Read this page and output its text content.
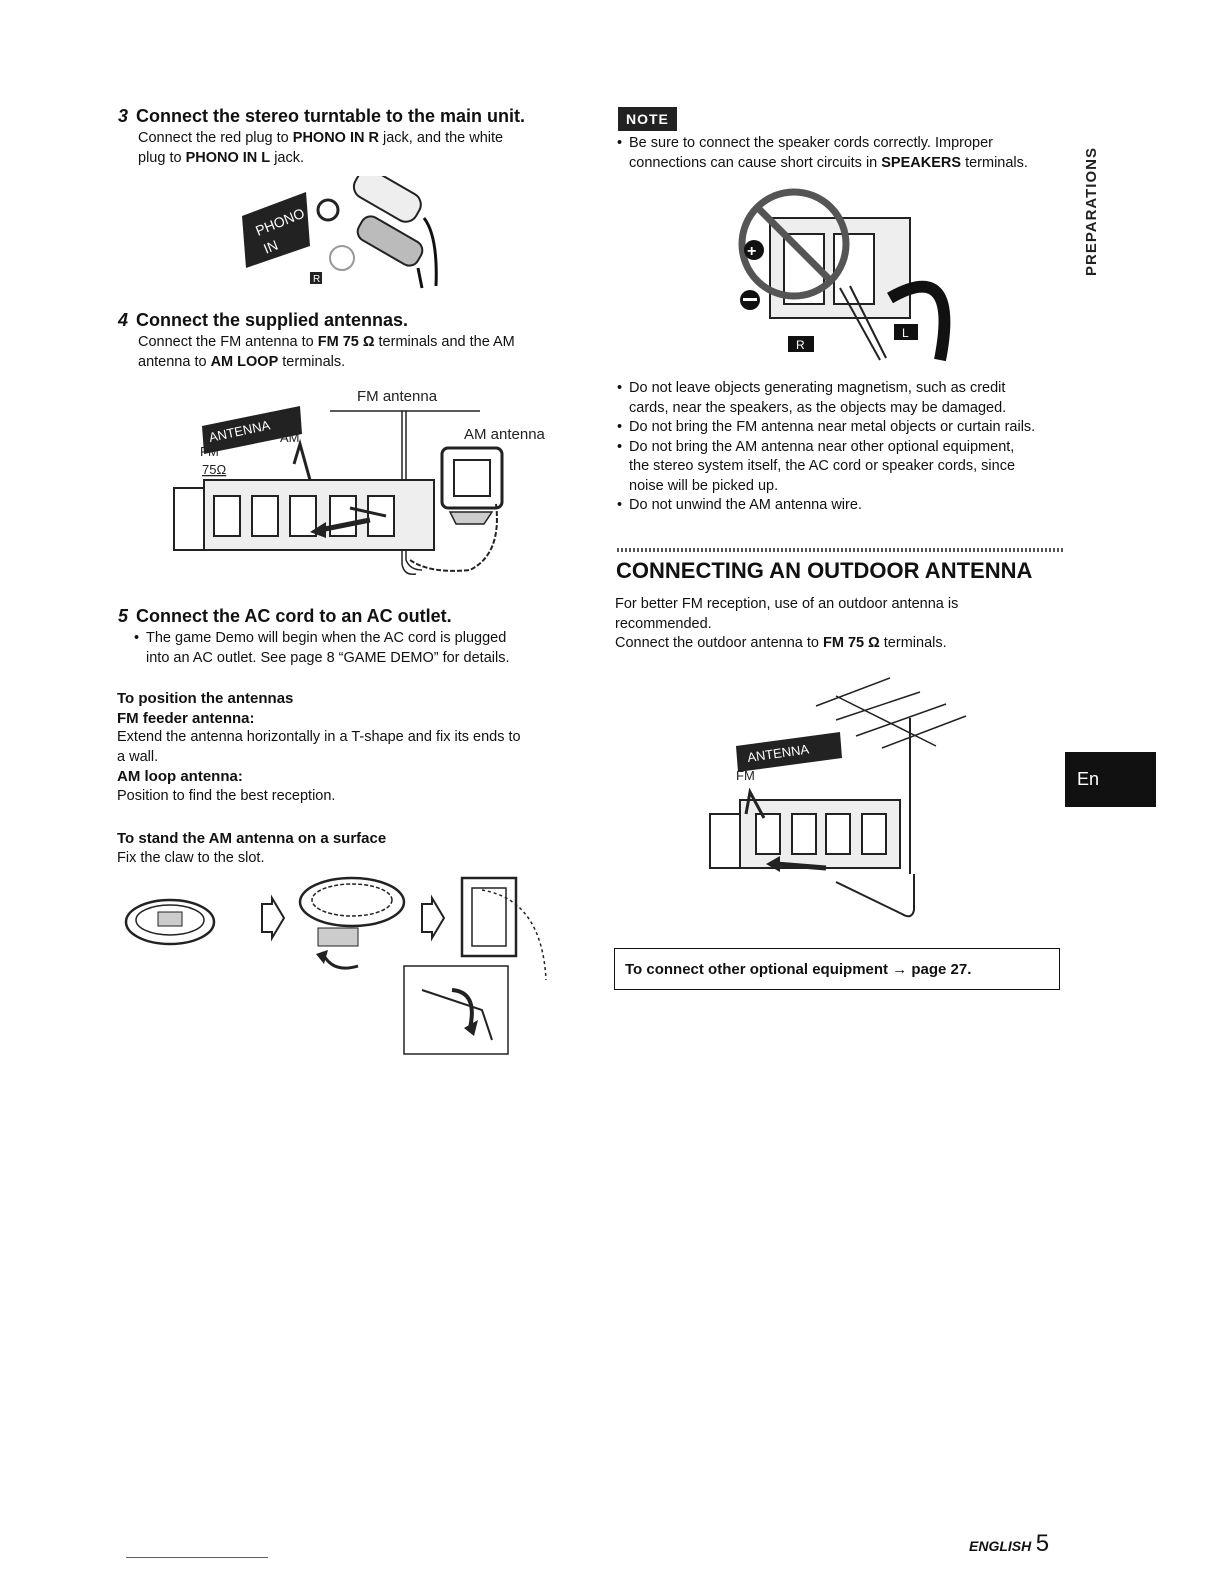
3 Connect the stereo turntable to the main unit.
Connect the red plug to PHONO IN R jack, and the white
plug to PHONO IN L jack.
PHONO
IN
R
4 Connect the supplied antennas.
Connect the FM antenna to FM 75 Ω terminals and the AM
antenna to AM LOOP terminals.
FM antenna
AM antenna
ANTENNA AM
FM
75Ω
5 Connect the AC cord to an AC outlet.
• The game Demo will begin when the AC cord is plugged
into an AC outlet. See page 8 “GAME DEMO” for details.
To position the antennas
FM feeder antenna:
Extend the antenna horizontally in a T-shape and fix its ends to
a wall.
AM loop antenna:
Position to find the best reception.
To stand the AM antenna on a surface
Fix the claw to the slot.
NOTE
• Be sure to connect the speaker cords correctly. Improper
connections can cause short circuits in SPEAKERS terminals.
+
R
L
• Do not leave objects generating magnetism, such as credit
cards, near the speakers, as the objects may be damaged.
• Do not bring the FM antenna near metal objects or curtain rails.
• Do not bring the AM antenna near other optional equipment,
the stereo system itself, the AC cord or speaker cords, since
noise will be picked up.
• Do not unwind the AM antenna wire.
CONNECTING AN OUTDOOR ANTENNA
For better FM reception, use of an outdoor antenna is
recommended.
Connect the outdoor antenna to FM 75 Ω terminals.
ANTENNA
FM
To connect other optional equipment → page 27.
PREPARATIONS
En
ENGLISH 5
